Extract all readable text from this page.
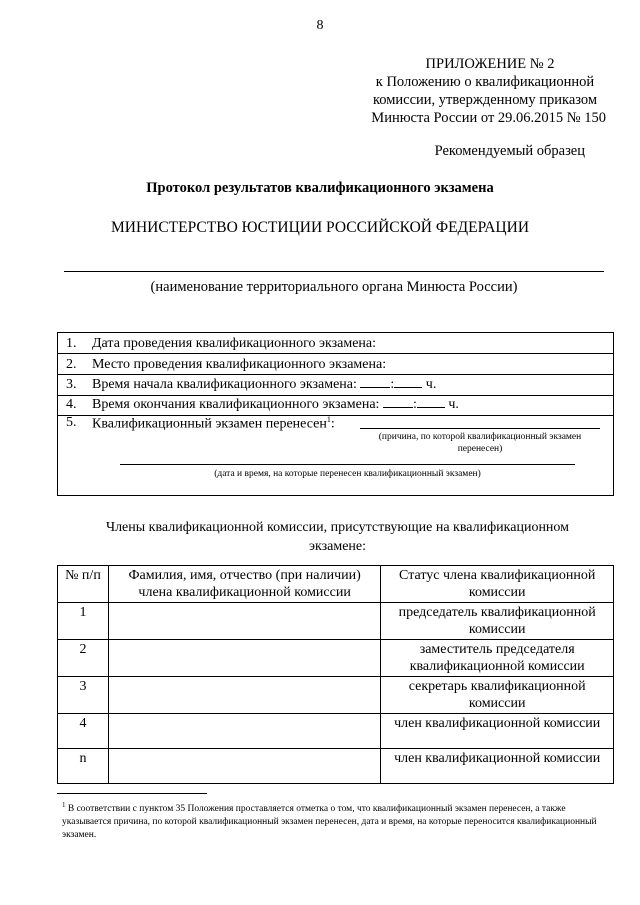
8
ПРИЛОЖЕНИЕ № 2
к Положению о квалификационной
комиссии, утвержденному приказом
Минюста России от 29.06.2015 № 150
Рекомендуемый образец
Протокол результатов квалификационного экзамена
МИНИСТЕРСТВО ЮСТИЦИИ РОССИЙСКОЙ ФЕДЕРАЦИИ
(наименование территориального органа Минюста России)
1. Дата проведения квалификационного экзамена:
2. Место проведения квалификационного экзамена:
3. Время начала квалификационного экзамена: : ч.
4. Время окончания квалификационного экзамена: : ч.
5. Квалификационный экзамен перенесен$^1$:
(причина, по которой квалификационный экзамен
перенесен)
(дата и время, на которые перенесен квалификационный экзамен)
Члены квалификационной комиссии, присутствующие на квалификационном
экзамене:
№ п/п	Фамилия, имя, отчество (при наличии) члена квалификационной комиссии	Статус члена квалификационной комиссии
1		председатель квалификационной комиссии
2		заместитель председателя квалификационной комиссии
3		секретарь квалификационной комиссии
4		член квалификационной комиссии
n		член квалификационной комиссии
$^1$ В соответствии с пунктом 35 Положения проставляется отметка о том, что квалификационный экзамен перенесен, а также указывается причина, по которой квалификационный экзамен перенесен, дата и время, на которые переносится квалификационный экзамен.
